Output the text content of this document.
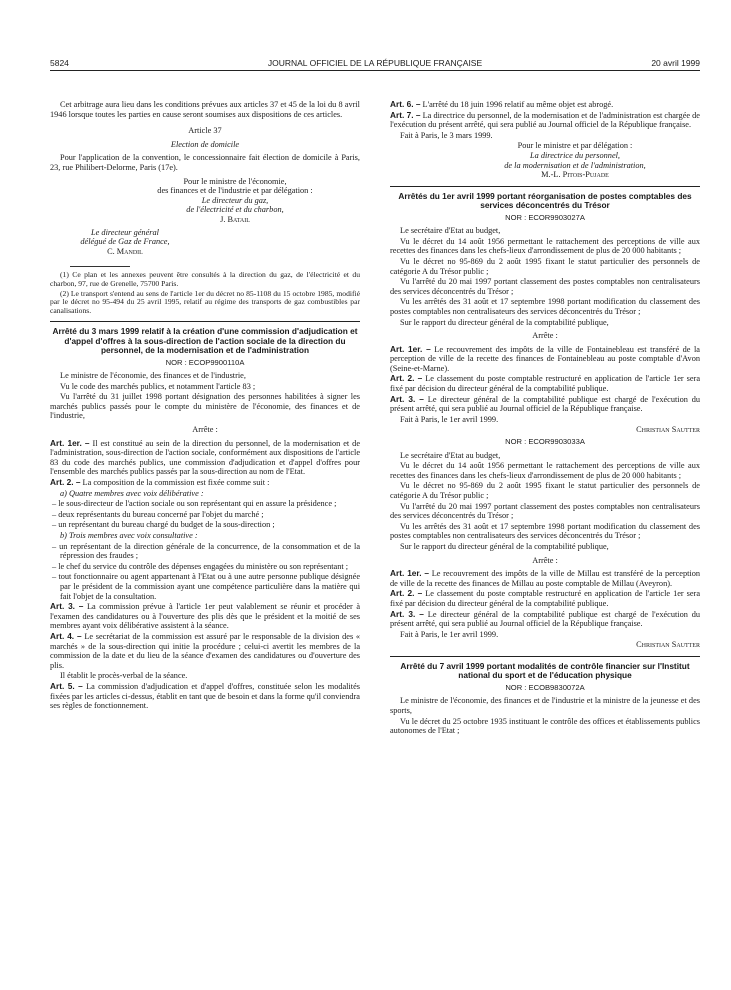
5824	JOURNAL OFFICIEL DE LA RÉPUBLIQUE FRANÇAISE	20 avril 1999

Cet arbitrage aura lieu dans les conditions prévues aux articles 37 et 45 de la loi du 8 avril 1946 lorsque toutes les parties en cause seront soumises aux dispositions de ces articles.

Article 37

Election de domicile

Pour l'application de la convention, le concessionnaire fait élection de domicile à Paris, 23, rue Philibert-Delorme, Paris (17e).

Pour le ministre de l'économie,
des finances et de l'industrie et par délégation :
Le directeur du gaz,
de l'électricité et du charbon,
J. Batail
Le directeur général
délégué de Gaz de France,
C. Mandil

(1) Ce plan et les annexes peuvent être consultés à la direction du gaz, de l'électricité et du charbon, 97, rue de Grenelle, 75700 Paris.

(2) Le transport s'entend au sens de l'article 1er du décret no 85-1108 du 15 octobre 1985, modifié par le décret no 95-494 du 25 avril 1995, relatif au régime des transports de gaz combustibles par canalisations.

Arrêté du 3 mars 1999 relatif à la création d'une commission d'adjudication et d'appel d'offres à la sous-direction de l'action sociale de la direction du personnel, de la modernisation et de l'administration

NOR : ECOP9900110A

Le ministre de l'économie, des finances et de l'industrie,

Vu le code des marchés publics, et notamment l'article 83 ;

Vu l'arrêté du 31 juillet 1998 portant désignation des personnes habilitées à signer les marchés publics passés pour le compte du ministère de l'économie, des finances et de l'industrie,

Arrête :

Art. 1er. – Il est constitué au sein de la direction du personnel, de la modernisation et de l'administration, sous-direction de l'action sociale, conformément aux dispositions de l'article 83 du code des marchés publics, une commission d'adjudication et d'appel d'offres pour l'ensemble des marchés publics passés par la sous-direction au nom de l'Etat.

Art. 2. – La composition de la commission est fixée comme suit :

a) Quatre membres avec voix délibérative :

– le sous-directeur de l'action sociale ou son représentant qui en assure la présidence ;

– deux représentants du bureau concerné par l'objet du marché ;

– un représentant du bureau chargé du budget de la sous-direction ;

b) Trois membres avec voix consultative :

– un représentant de la direction générale de la concurrence, de la consommation et de la répression des fraudes ;

– le chef du service du contrôle des dépenses engagées du ministère ou son représentant ;

– tout fonctionnaire ou agent appartenant à l'Etat ou à une autre personne publique désignée par le président de la commission ayant une compétence particulière dans la matière qui fait l'objet de la consultation.

Art. 3. – La commission prévue à l'article 1er peut valablement se réunir et procéder à l'examen des candidatures ou à l'ouverture des plis dès que le président et la moitié de ses membres ayant voix délibérative assistent à la séance.

Art. 4. – Le secrétariat de la commission est assuré par le responsable de la division des « marchés » de la sous-direction qui initie la procédure ; celui-ci avertit les membres de la commission de la date et du lieu de la séance d'examen des candidatures ou d'ouverture des plis.

Il établit le procès-verbal de la séance.

Art. 5. – La commission d'adjudication et d'appel d'offres, constituée selon les modalités fixées par les articles ci-dessus, établit en tant que de besoin et dans la forme qu'il conviendra ses règles de fonctionnement.

Art. 6. – L'arrêté du 18 juin 1996 relatif au même objet est abrogé.

Art. 7. – La directrice du personnel, de la modernisation et de l'administration est chargée de l'exécution du présent arrêté, qui sera publié au Journal officiel de la République française.

Fait à Paris, le 3 mars 1999.

Pour le ministre et par délégation :
La directrice du personnel,
de la modernisation et de l'administration,
M.-L. Pitois-Pujade

Arrêtés du 1er avril 1999 portant réorganisation de postes comptables des services déconcentrés du Trésor

NOR : ECOR9903027A

Le secrétaire d'Etat au budget,

Vu le décret du 14 août 1956 permettant le rattachement des perceptions de ville aux recettes des finances dans les chefs-lieux d'arrondissement de plus de 20 000 habitants ;

Vu le décret no 95-869 du 2 août 1995 fixant le statut particulier des personnels de catégorie A du Trésor public ;

Vu l'arrêté du 20 mai 1997 portant classement des postes comptables non centralisateurs des services déconcentrés du Trésor ;

Vu les arrêtés des 31 août et 17 septembre 1998 portant modification du classement des postes comptables non centralisateurs des services déconcentrés du Trésor ;

Sur le rapport du directeur général de la comptabilité publique,

Arrête :

Art. 1er. – Le recouvrement des impôts de la ville de Fontainebleau est transféré de la perception de ville de la recette des finances de Fontainebleau au poste comptable d'Avon (Seine-et-Marne).

Art. 2. – Le classement du poste comptable restructuré en application de l'article 1er sera fixé par décision du directeur général de la comptabilité publique.

Art. 3. – Le directeur général de la comptabilité publique est chargé de l'exécution du présent arrêté, qui sera publié au Journal officiel de la République française.

Fait à Paris, le 1er avril 1999.

Christian Sautter

NOR : ECOR9903033A

Le secrétaire d'Etat au budget,

Vu le décret du 14 août 1956 permettant le rattachement des perceptions de ville aux recettes des finances dans les chefs-lieux d'arrondissement de plus de 20 000 habitants ;

Vu le décret no 95-869 du 2 août 1995 fixant le statut particulier des personnels de catégorie A du Trésor public ;

Vu l'arrêté du 20 mai 1997 portant classement des postes comptables non centralisateurs des services déconcentrés du Trésor ;

Vu les arrêtés des 31 août et 17 septembre 1998 portant modification du classement des postes comptables non centralisateurs des services déconcentrés du Trésor ;

Sur le rapport du directeur général de la comptabilité publique,

Arrête :

Art. 1er. – Le recouvrement des impôts de la ville de Millau est transféré de la perception de ville de la recette des finances de Millau au poste comptable de Millau (Aveyron).

Art. 2. – Le classement du poste comptable restructuré en application de l'article 1er sera fixé par décision du directeur général de la comptabilité publique.

Art. 3. – Le directeur général de la comptabilité publique est chargé de l'exécution du présent arrêté, qui sera publié au Journal officiel de la République française.

Fait à Paris, le 1er avril 1999.

Christian Sautter

Arrêté du 7 avril 1999 portant modalités de contrôle financier sur l'Institut national du sport et de l'éducation physique

NOR : ECOB9830072A

Le ministre de l'économie, des finances et de l'industrie et la ministre de la jeunesse et des sports,

Vu le décret du 25 octobre 1935 instituant le contrôle des offices et établissements publics autonomes de l'Etat ;
